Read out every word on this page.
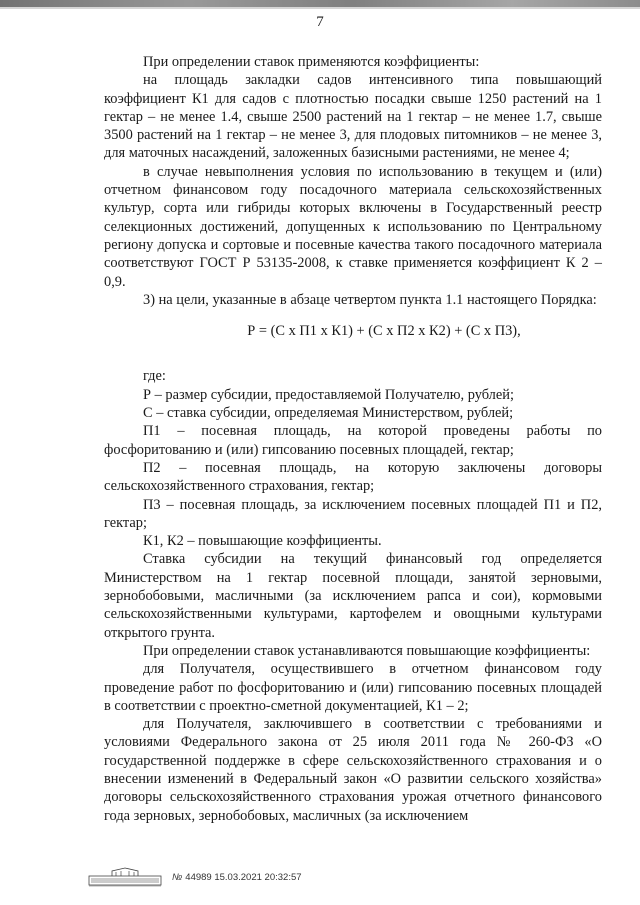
7

При определении ставок применяются коэффициенты:

на площадь закладки садов интенсивного типа повышающий коэффициент К1 для садов с плотностью посадки свыше 1250 растений на 1 гектар – не менее 1.4, свыше 2500 растений на 1 гектар – не менее 1.7, свыше 3500 растений на 1 гектар – не менее 3, для плодовых питомников – не менее 3, для маточных насаждений, заложенных базисными растениями, не менее 4;

в случае невыполнения условия по использованию в текущем и (или) отчетном финансовом году посадочного материала сельскохозяйственных культур, сорта или гибриды которых включены в Государственный реестр селекционных достижений, допущенных к использованию по Центральному региону допуска и сортовые и посевные качества такого посадочного материала соответствуют ГОСТ Р 53135-2008, к ставке применяется коэффициент К 2 – 0,9.

3) на цели, указанные в абзаце четвертом пункта 1.1 настоящего Порядка:

Р = (С х П1 х К1) + (С х П2 х К2) + (С х П3),

где:

Р – размер субсидии, предоставляемой Получателю, рублей;

С – ставка субсидии, определяемая Министерством, рублей;

П1 – посевная площадь, на которой проведены работы по фосфоритованию и (или) гипсованию посевных площадей, гектар;

П2 – посевная площадь, на которую заключены договоры сельскохозяйственного страхования, гектар;

П3 – посевная площадь, за исключением посевных площадей П1 и П2, гектар;

К1, К2 – повышающие коэффициенты.

Ставка субсидии на текущий финансовый год определяется Министерством на 1 гектар посевной площади, занятой зерновыми, зернобобовыми, масличными (за исключением рапса и сои), кормовыми сельскохозяйственными культурами, картофелем и овощными культурами открытого грунта.

При определении ставок устанавливаются повышающие коэффициенты:

для Получателя, осуществившего в отчетном финансовом году проведение работ по фосфоритованию и (или) гипсованию посевных площадей в соответствии с проектно-сметной документацией, К1 – 2;

для Получателя, заключившего в соответствии с требованиями и условиями Федерального закона от 25 июля 2011 года № 260-ФЗ «О государственной поддержке в сфере сельскохозяйственного страхования и о внесении изменений в Федеральный закон «О развитии сельского хозяйства» договоры сельскохозяйственного страхования урожая отчетного финансового года зерновых, зернобобовых, масличных (за исключением

№ 44989 15.03.2021 20:32:57
